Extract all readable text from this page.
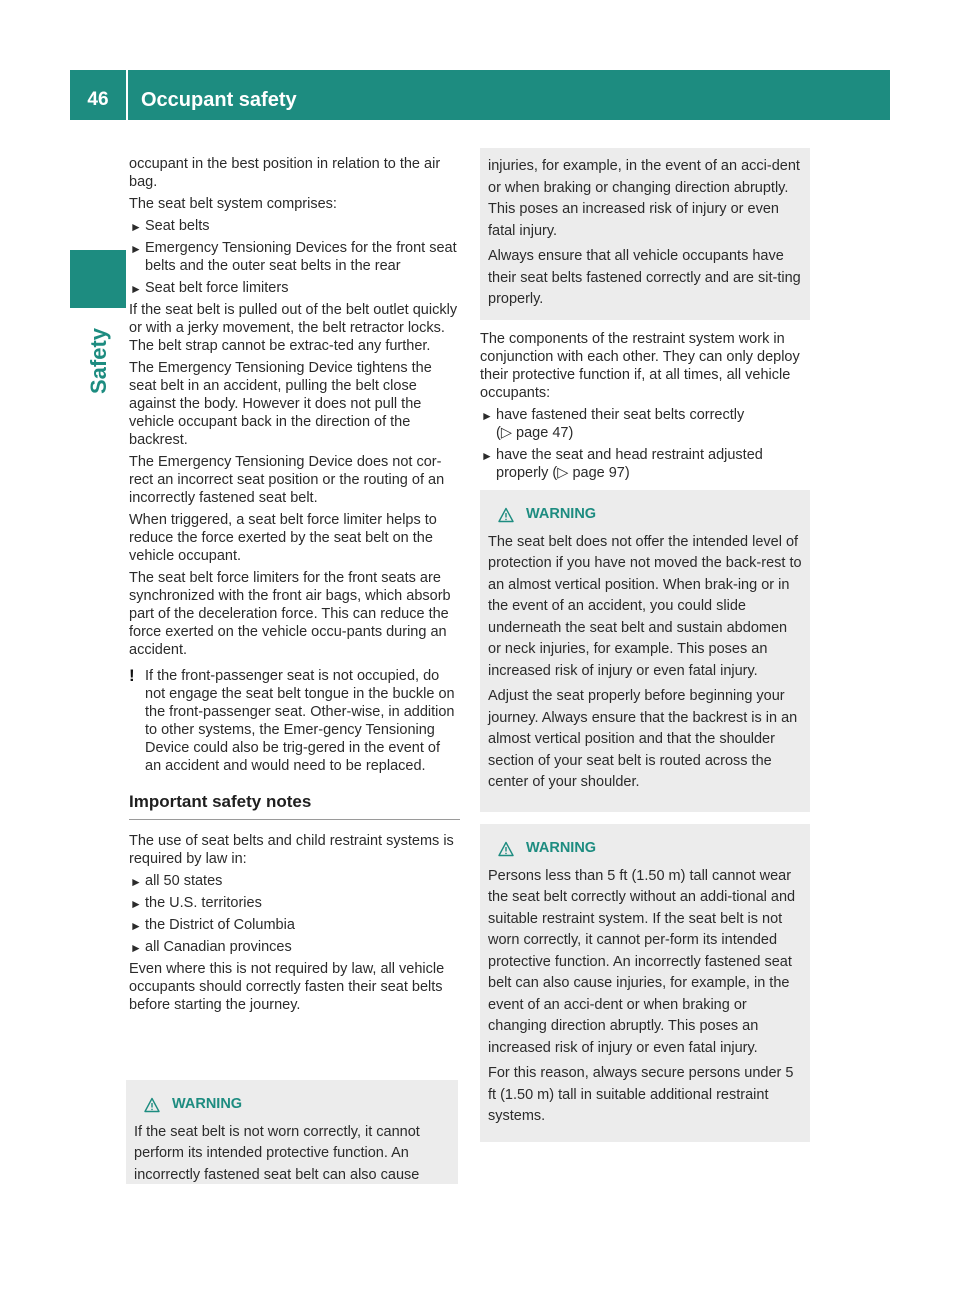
46	Occupant safety
Safety

occupant in the best position in relation to the air bag.

The seat belt system comprises:

► Seat belts
► Emergency Tensioning Devices for the front seat belts and the outer seat belts in the rear
► Seat belt force limiters

If the seat belt is pulled out of the belt outlet quickly or with a jerky movement, the belt retractor locks. The belt strap cannot be extrac-ted any further.

The Emergency Tensioning Device tightens the seat belt in an accident, pulling the belt close against the body. However it does not pull the vehicle occupant back in the direction of the backrest.

The Emergency Tensioning Device does not cor-rect an incorrect seat position or the routing of an incorrectly fastened seat belt.

When triggered, a seat belt force limiter helps to reduce the force exerted by the seat belt on the vehicle occupant.

The seat belt force limiters for the front seats are synchronized with the front air bags, which absorb part of the deceleration force. This can reduce the force exerted on the vehicle occu-pants during an accident.

! If the front-passenger seat is not occupied, do not engage the seat belt tongue in the buckle on the front-passenger seat. Other-wise, in addition to other systems, the Emer-gency Tensioning Device could also be trig-gered in the event of an accident and would need to be replaced.
Important safety notes

The use of seat belts and child restraint systems is required by law in:

► all 50 states
► the U.S. territories
► the District of Columbia
► all Canadian provinces

Even where this is not required by law, all vehicle occupants should correctly fasten their seat belts before starting the journey.

WARNING

If the seat belt is not worn correctly, it cannot perform its intended protective function. An incorrectly fastened seat belt can also cause

injuries, for example, in the event of an acci-dent or when braking or changing direction abruptly. This poses an increased risk of injury or even fatal injury.

Always ensure that all vehicle occupants have their seat belts fastened correctly and are sit-ting properly.

The components of the restraint system work in conjunction with each other. They can only deploy their protective function if, at all times, all vehicle occupants:

► have fastened their seat belts correctly
(▷ page 47)
► have the seat and head restraint adjusted properly (▷ page 97)
WARNING

The seat belt does not offer the intended level of protection if you have not moved the back-rest to an almost vertical position. When brak-ing or in the event of an accident, you could slide underneath the seat belt and sustain abdomen or neck injuries, for example. This poses an increased risk of injury or even fatal injury.

Adjust the seat properly before beginning your journey. Always ensure that the backrest is in an almost vertical position and that the shoulder section of your seat belt is routed across the center of your shoulder.

WARNING

Persons less than 5 ft (1.50 m) tall cannot wear the seat belt correctly without an addi-tional and suitable restraint system. If the seat belt is not worn correctly, it cannot per-form its intended protective function. An incorrectly fastened seat belt can also cause injuries, for example, in the event of an acci-dent or when braking or changing direction abruptly. This poses an increased risk of injury or even fatal injury.

For this reason, always secure persons under 5 ft (1.50 m) tall in suitable additional restraint systems.
